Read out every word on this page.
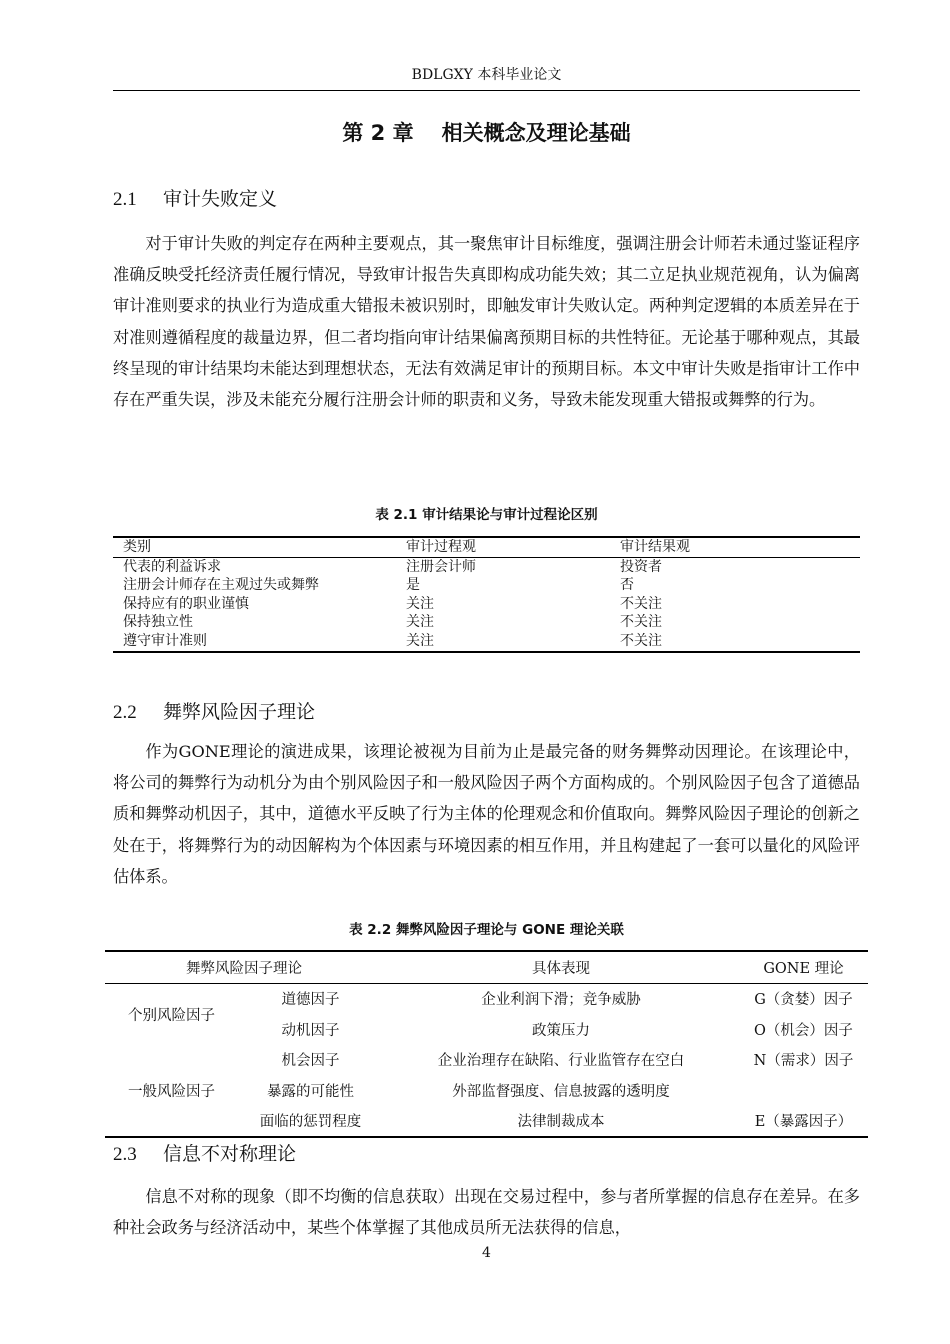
BDLGXY 本科毕业论文
第 2 章 相关概念及理论基础
2.1 审计失败定义

对于审计失败的判定存在两种主要观点，其一聚焦审计目标维度，强调注册会计师若未通过鉴证程序准确反映受托经济责任履行情况，导致审计报告失真即构成功能失效；其二立足执业规范视角，认为偏离审计准则要求的执业行为造成重大错报未被识别时，即触发审计失败认定。两种判定逻辑的本质差异在于对准则遵循程度的裁量边界，但二者均指向审计结果偏离预期目标的共性特征。无论基于哪种观点，其最终呈现的审计结果均未能达到理想状态，无法有效满足审计的预期目标。本文中审计失败是指审计工作中存在严重失误，涉及未能充分履行注册会计师的职责和义务，导致未能发现重大错报或舞弊的行为。

表 2.1 审计结果论与审计过程论区别
类别	审计过程观	审计结果观
代表的利益诉求	注册会计师	投资者
注册会计师存在主观过失或舞弊	是	否
保持应有的职业谨慎	关注	不关注
保持独立性	关注	不关注
遵守审计准则	关注	不关注
2.2 舞弊风险因子理论

作为GONE理论的演进成果，该理论被视为目前为止是最完备的财务舞弊动因理论。在该理论中，将公司的舞弊行为动机分为由个别风险因子和一般风险因子两个方面构成的。个别风险因子包含了道德品质和舞弊动机因子，其中，道德水平反映了行为主体的伦理观念和价值取向。舞弊风险因子理论的创新之处在于，将舞弊行为的动因解构为个体因素与环境因素的相互作用，并且构建起了一套可以量化的风险评估体系。

表 2.2 舞弊风险因子理论与 GONE 理论关联
舞弊风险因子理论		具体表现	GONE 理论
个别风险因子	道德因子	企业利润下滑；竞争威胁	G（贪婪）因子
	动机因子	政策压力	O（机会）因子
一般风险因子	机会因子	企业治理存在缺陷、行业监管存在空白	N（需求）因子
	暴露的可能性	外部监督强度、信息披露的透明度	
	面临的惩罚程度	法律制裁成本	E（暴露因子）
2.3 信息不对称理论

信息不对称的现象（即不均衡的信息获取）出现在交易过程中，参与者所掌握的信息存在差异。在多种社会政务与经济活动中，某些个体掌握了其他成员所无法获得的信息，

4
